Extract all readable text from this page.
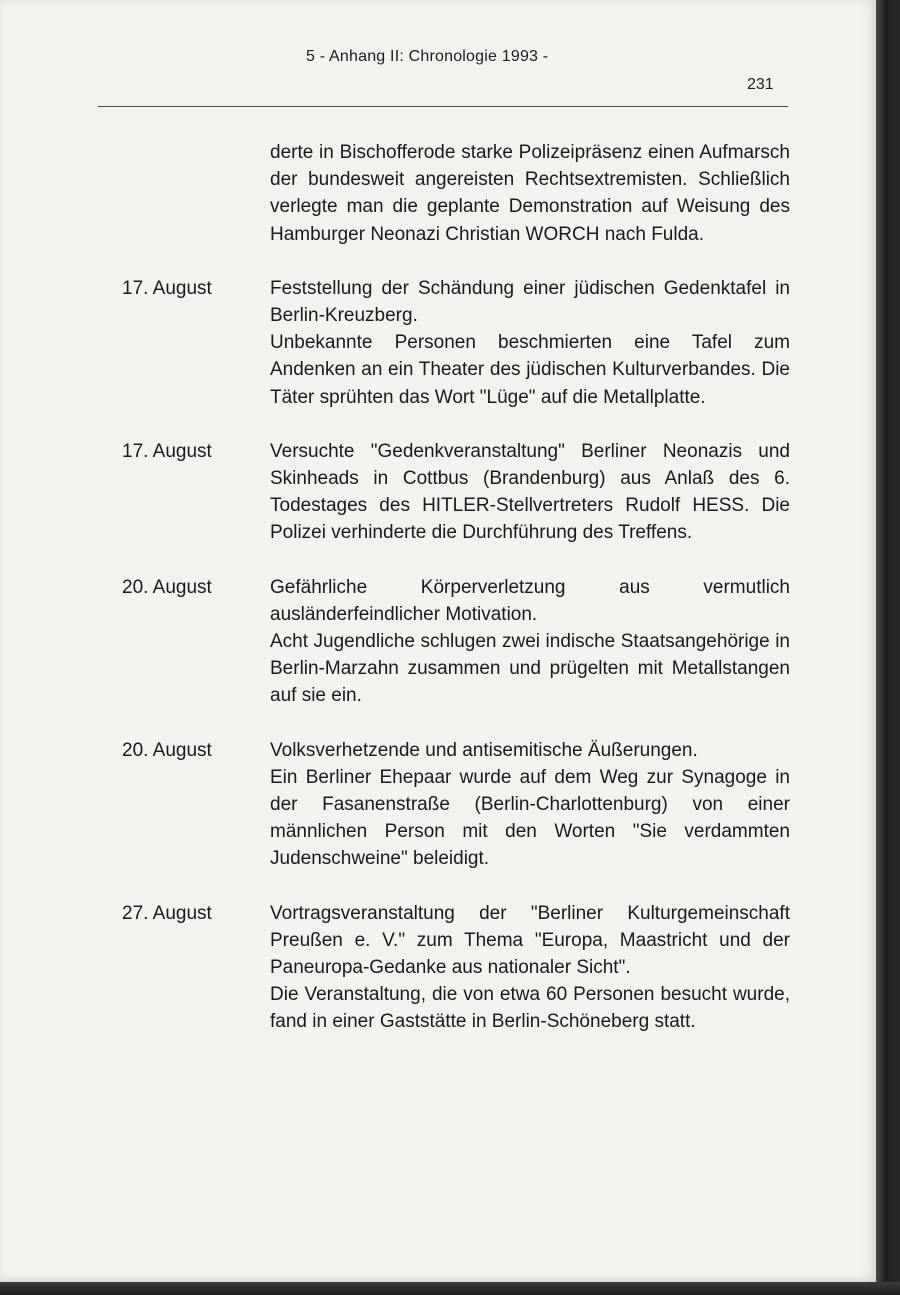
5 - Anhang II: Chronologie 1993 -
231

derte in Bischofferode starke Polizeipräsenz einen Aufmarsch der bundesweit angereisten Rechtsextremisten. Schließlich verlegte man die geplante Demonstration auf Weisung des Hamburger Neonazi Christian WORCH nach Fulda.

17. August	Feststellung der Schändung einer jüdischen Gedenktafel in Berlin-Kreuzberg.

Unbekannte Personen beschmierten eine Tafel zum Andenken an ein Theater des jüdischen Kulturverbandes. Die Täter sprühten das Wort "Lüge" auf die Metallplatte.

17. August	Versuchte "Gedenkveranstaltung" Berliner Neonazis und Skinheads in Cottbus (Brandenburg) aus Anlaß des 6. Todestages des HITLER-Stellvertreters Rudolf HESS. Die Polizei verhinderte die Durchführung des Treffens.

20. August	Gefährliche Körperverletzung aus vermutlich ausländerfeindlicher Motivation.

Acht Jugendliche schlugen zwei indische Staatsangehörige in Berlin-Marzahn zusammen und prügelten mit Metallstangen auf sie ein.

20. August	Volksverhetzende und antisemitische Äußerungen.

Ein Berliner Ehepaar wurde auf dem Weg zur Synagoge in der Fasanenstraße (Berlin-Charlottenburg) von einer männlichen Person mit den Worten "Sie verdammten Judenschweine" beleidigt.

27. August	Vortragsveranstaltung der "Berliner Kulturgemeinschaft Preußen e. V." zum Thema "Europa, Maastricht und der Paneuropa-Gedanke aus nationaler Sicht".

Die Veranstaltung, die von etwa 60 Personen besucht wurde, fand in einer Gaststätte in Berlin-Schöneberg statt.
